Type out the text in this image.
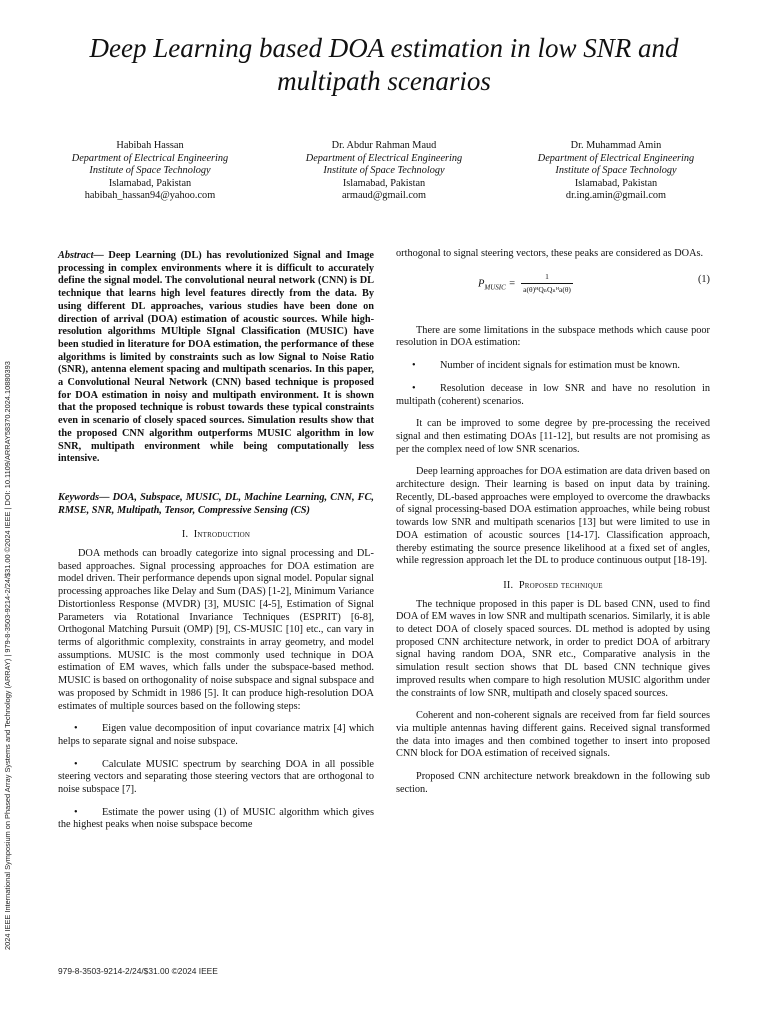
2024 IEEE International Symposium on Phased Array Systems and Technology (ARRAY) | 979-8-3503-9214-2/24/$31.00 ©2024 IEEE | DOI: 10.1109/ARRAY58370.2024.10880393
Deep Learning based DOA estimation in low SNR and multipath scenarios
Habibah Hassan
Department of Electrical Engineering
Institute of Space Technology
Islamabad, Pakistan
habibah_hassan94@yahoo.com
Dr. Abdur Rahman Maud
Department of Electrical Engineering
Institute of Space Technology
Islamabad, Pakistan
armaud@gmail.com
Dr. Muhammad Amin
Department of Electrical Engineering
Institute of Space Technology
Islamabad, Pakistan
dr.ing.amin@gmail.com

Abstract— Deep Learning (DL) has revolutionized Signal and Image processing in complex environments where it is difficult to accurately define the signal model. The convolutional neural network (CNN) is DL technique that learns high level features directly from the data. By using different DL approaches, various studies have been done on direction of arrival (DOA) estimation of acoustic sources. While high-resolution algorithms MUltiple SIgnal Classification (MUSIC) have been studied in literature for DOA estimation, the performance of these algorithms is limited by constraints such as low Signal to Noise Ratio (SNR), antenna element spacing and multipath scenarios. In this paper, a Convolutional Neural Network (CNN) based technique is proposed for DOA estimation in noisy and multipath environment. It is shown that the proposed technique is robust towards these typical constraints even in scenario of closely spaced sources. Simulation results show that the proposed CNN algorithm outperforms MUSIC algorithm in low SNR, multipath environment while being computationally less intensive.

Keywords— DOA, Subspace, MUSIC, DL, Machine Learning, CNN, FC, RMSE, SNR, Multipath, Tensor, Compressive Sensing (CS)

I. Introduction

DOA methods can broadly categorize into signal processing and DL-based approaches. Signal processing approaches for DOA estimation are model driven. Their performance depends upon signal model. Popular signal processing approaches like Delay and Sum (DAS) [1-2], Minimum Variance Distortionless Response (MVDR) [3], MUSIC [4-5], Estimation of Signal Parameters via Rotational Invariance Techniques (ESPRIT) [6-8], Orthogonal Matching Pursuit (OMP) [9], CS-MUSIC [10] etc., can vary in terms of algorithmic complexity, constraints in array geometry, and model assumptions. MUSIC is the most commonly used technique in DOA estimation of EM waves, which falls under the subspace-based method. MUSIC is based on orthogonality of noise subspace and signal subspace and was proposed by Schmidt in 1986 [5]. It can produce high-resolution DOA estimates of multiple sources based on the following steps:

• Eigen value decomposition of input covariance matrix [4] which helps to separate signal and noise subspace.

• Calculate MUSIC spectrum by searching DOA in all possible steering vectors and separating those steering vectors that are orthogonal to noise subspace [7].

• Estimate the power using (1) of MUSIC algorithm which gives the highest peaks when noise subspace become

orthogonal to signal steering vectors, these peaks are considered as DOAs.

$P_{MUSIC} = \frac{1}{\text{a(θ)ᴴQₙQₙᴴa(θ)}}$	(1)

There are some limitations in the subspace methods which cause poor resolution in DOA estimation:

• Number of incident signals for estimation must be known.

• Resolution decease in low SNR and have no resolution in multipath (coherent) scenarios.

It can be improved to some degree by pre-processing the received signal and then estimating DOAs [11-12], but results are not promising as per the complex need of low SNR scenarios.

Deep learning approaches for DOA estimation are data driven based on architecture design. Their learning is based on input data by training. Recently, DL-based approaches were employed to overcome the drawbacks of signal processing-based DOA estimation approaches, while being robust towards low SNR and multipath scenarios [13] but were limited to use in DOA estimation of acoustic sources [14-17]. Classification approach, thereby estimating the source presence likelihood at a fixed set of angles, while regression approach let the DL to produce continuous output [18-19].

II. Proposed technique

The technique proposed in this paper is DL based CNN, used to find DOA of EM waves in low SNR and multipath scenarios. Similarly, it is able to detect DOA of closely spaced sources. DL method is adopted by using proposed CNN architecture network, in order to predict DOA of arbitrary signal having random DOA, SNR etc., Comparative analysis in the simulation result section shows that DL based CNN technique gives improved results when compare to high resolution MUSIC algorithm under the constraints of low SNR, multipath and closely spaced sources.

Coherent and non-coherent signals are received from far field sources via multiple antennas having different gains. Received signal transformed the data into images and then combined together to insert into proposed CNN block for DOA estimation of received signals.

Proposed CNN architecture network breakdown in the following sub section.

979-8-3503-9214-2/24/$31.00 ©2024 IEEE
